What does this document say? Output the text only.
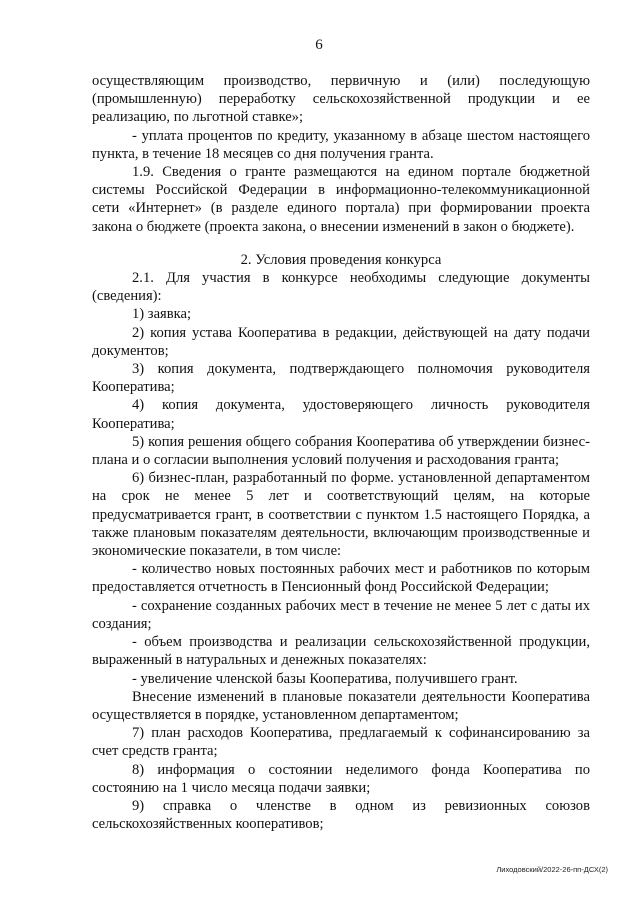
6

осуществляющим производство, первичную и (или) последующую (промышленную) переработку сельскохозяйственной продукции и ее реализацию, по льготной ставке»;

- уплата процентов по кредиту, указанному в абзаце шестом настоящего пункта, в течение 18 месяцев со дня получения гранта.

1.9. Сведения о гранте размещаются на едином портале бюджетной системы Российской Федерации в информационно-телекоммуникационной сети «Интернет» (в разделе единого портала) при формировании проекта закона о бюджете (проекта закона, о внесении изменений в закон о бюджете).

2. Условия проведения конкурса

2.1. Для участия в конкурсе необходимы следующие документы (сведения):

1) заявка;

2) копия устава Кооператива в редакции, действующей на дату подачи документов;

3) копия документа, подтверждающего полномочия руководителя Кооператива;

4) копия документа, удостоверяющего личность руководителя Кооператива;

5) копия решения общего собрания Кооператива об утверждении бизнес-плана и о согласии выполнения условий получения и расходования гранта;

6) бизнес-план, разработанный по форме. установленной департаментом на срок не менее 5 лет и соответствующий целям, на которые предусматривается грант, в соответствии с пунктом 1.5 настоящего Порядка, а также плановым показателям деятельности, включающим производственные и экономические показатели, в том числе:

- количество новых постоянных рабочих мест и работников по которым предоставляется отчетность в Пенсионный фонд Российской Федерации;

- сохранение созданных рабочих мест в течение не менее 5 лет с даты их создания;

- объем производства и реализации сельскохозяйственной продукции, выраженный в натуральных и денежных показателях:

- увеличение членской базы Кооператива, получившего грант.

Внесение изменений в плановые показатели деятельности Кооператива осуществляется в порядке, установленном департаментом;

7) план расходов Кооператива, предлагаемый к софинансированию за счет средств гранта;

8) информация о состоянии неделимого фонда Кооператива по состоянию на 1 число месяца подачи заявки;

9) справка о членстве в одном из ревизионных союзов сельскохозяйственных кооперативов;

Лиходовский/2022-26-пп-ДСХ(2)
